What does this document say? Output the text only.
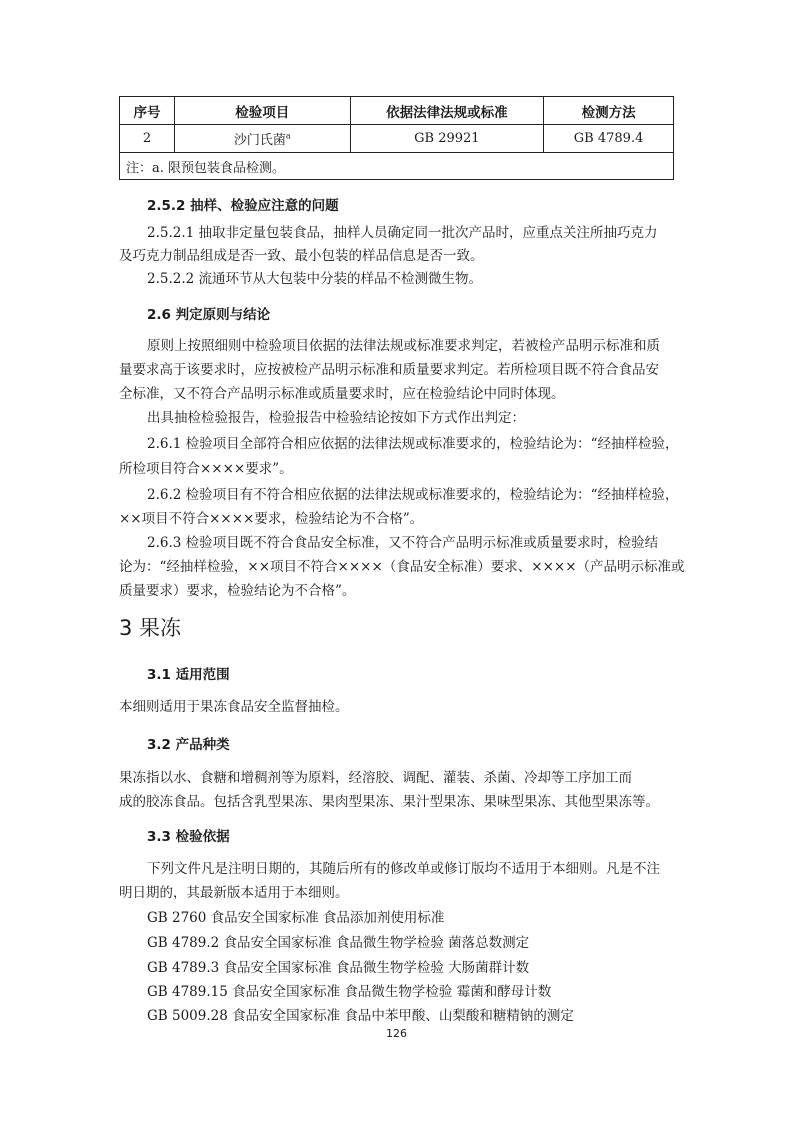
序号	检验项目	依据法律法规或标准	检测方法
2	沙门氏菌$^a$	GB 29921	GB 4789.4
注：a. 限预包装食品检测。			
2.5.2 抽样、检验应注意的问题
2.5.2.1 抽取非定量包装食品，抽样人员确定同一批次产品时，应重点关注所抽巧克力
及巧克力制品组成是否一致、最小包装的样品信息是否一致。
2.5.2.2 流通环节从大包装中分装的样品不检测微生物。
2.6 判定原则与结论
原则上按照细则中检验项目依据的法律法规或标准要求判定，若被检产品明示标准和质
量要求高于该要求时，应按被检产品明示标准和质量要求判定。若所检项目既不符合食品安
全标准，又不符合产品明示标准或质量要求时，应在检验结论中同时体现。
出具抽检检验报告，检验报告中检验结论按如下方式作出判定：
2.6.1 检验项目全部符合相应依据的法律法规或标准要求的，检验结论为：“经抽样检验，
所检项目符合××××要求”。
2.6.2 检验项目有不符合相应依据的法律法规或标准要求的，检验结论为：“经抽样检验，
××项目不符合××××要求，检验结论为不合格”。
2.6.3 检验项目既不符合食品安全标准，又不符合产品明示标准或质量要求时，检验结
论为：“经抽样检验，××项目不符合××××（食品安全标准）要求、××××（产品明示标准或
质量要求）要求，检验结论为不合格”。
3 果冻
3.1 适用范围
本细则适用于果冻食品安全监督抽检。
3.2 产品种类
果冻指以水、食糖和增稠剂等为原料，经溶胶、调配、灌装、杀菌、冷却等工序加工而
成的胶冻食品。包括含乳型果冻、果肉型果冻、果汁型果冻、果味型果冻、其他型果冻等。
3.3 检验依据
下列文件凡是注明日期的，其随后所有的修改单或修订版均不适用于本细则。凡是不注
明日期的，其最新版本适用于本细则。
GB 2760 食品安全国家标准 食品添加剂使用标准
GB 4789.2 食品安全国家标准 食品微生物学检验 菌落总数测定
GB 4789.3 食品安全国家标准 食品微生物学检验 大肠菌群计数
GB 4789.15 食品安全国家标准 食品微生物学检验 霉菌和酵母计数
GB 5009.28 食品安全国家标准 食品中苯甲酸、山梨酸和糖精钠的测定
126
